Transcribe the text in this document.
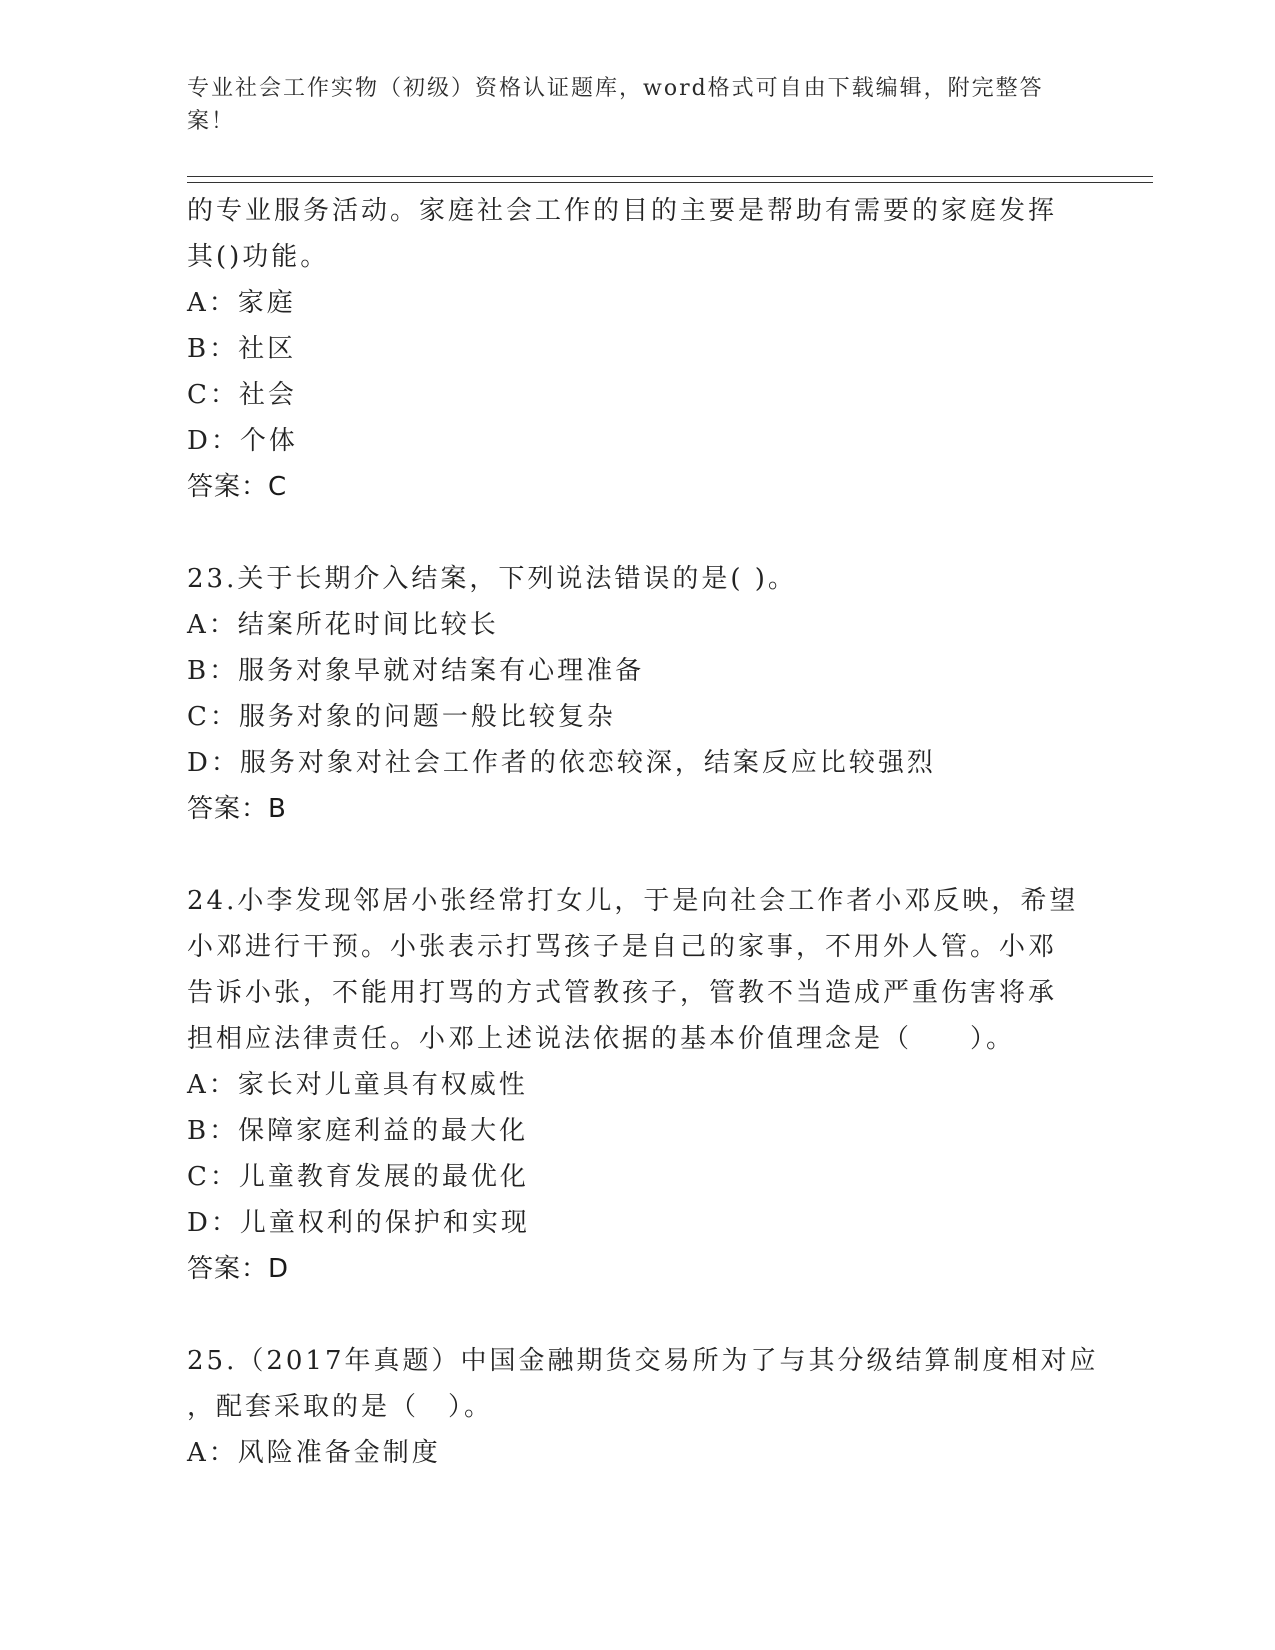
专业社会工作实物（初级）资格认证题库，word格式可自由下载编辑，附完整答
案！
的专业服务活动。家庭社会工作的目的主要是帮助有需要的家庭发挥
其()功能。
A：家庭
B：社区
C：社会
D：个体
答案：C
23.关于长期介入结案，下列说法错误的是( )。
A：结案所花时间比较长
B：服务对象早就对结案有心理准备
C：服务对象的问题一般比较复杂
D：服务对象对社会工作者的依恋较深，结案反应比较强烈
答案：B
24.小李发现邻居小张经常打女儿，于是向社会工作者小邓反映，希望
小邓进行干预。小张表示打骂孩子是自己的家事，不用外人管。小邓
告诉小张，不能用打骂的方式管教孩子，管教不当造成严重伤害将承
担相应法律责任。小邓上述说法依据的基本价值理念是（　　）。
A：家长对儿童具有权威性
B：保障家庭利益的最大化
C：儿童教育发展的最优化
D：儿童权利的保护和实现
答案：D
25.（2017年真题）中国金融期货交易所为了与其分级结算制度相对应
，配套采取的是（　）。
A：风险准备金制度
